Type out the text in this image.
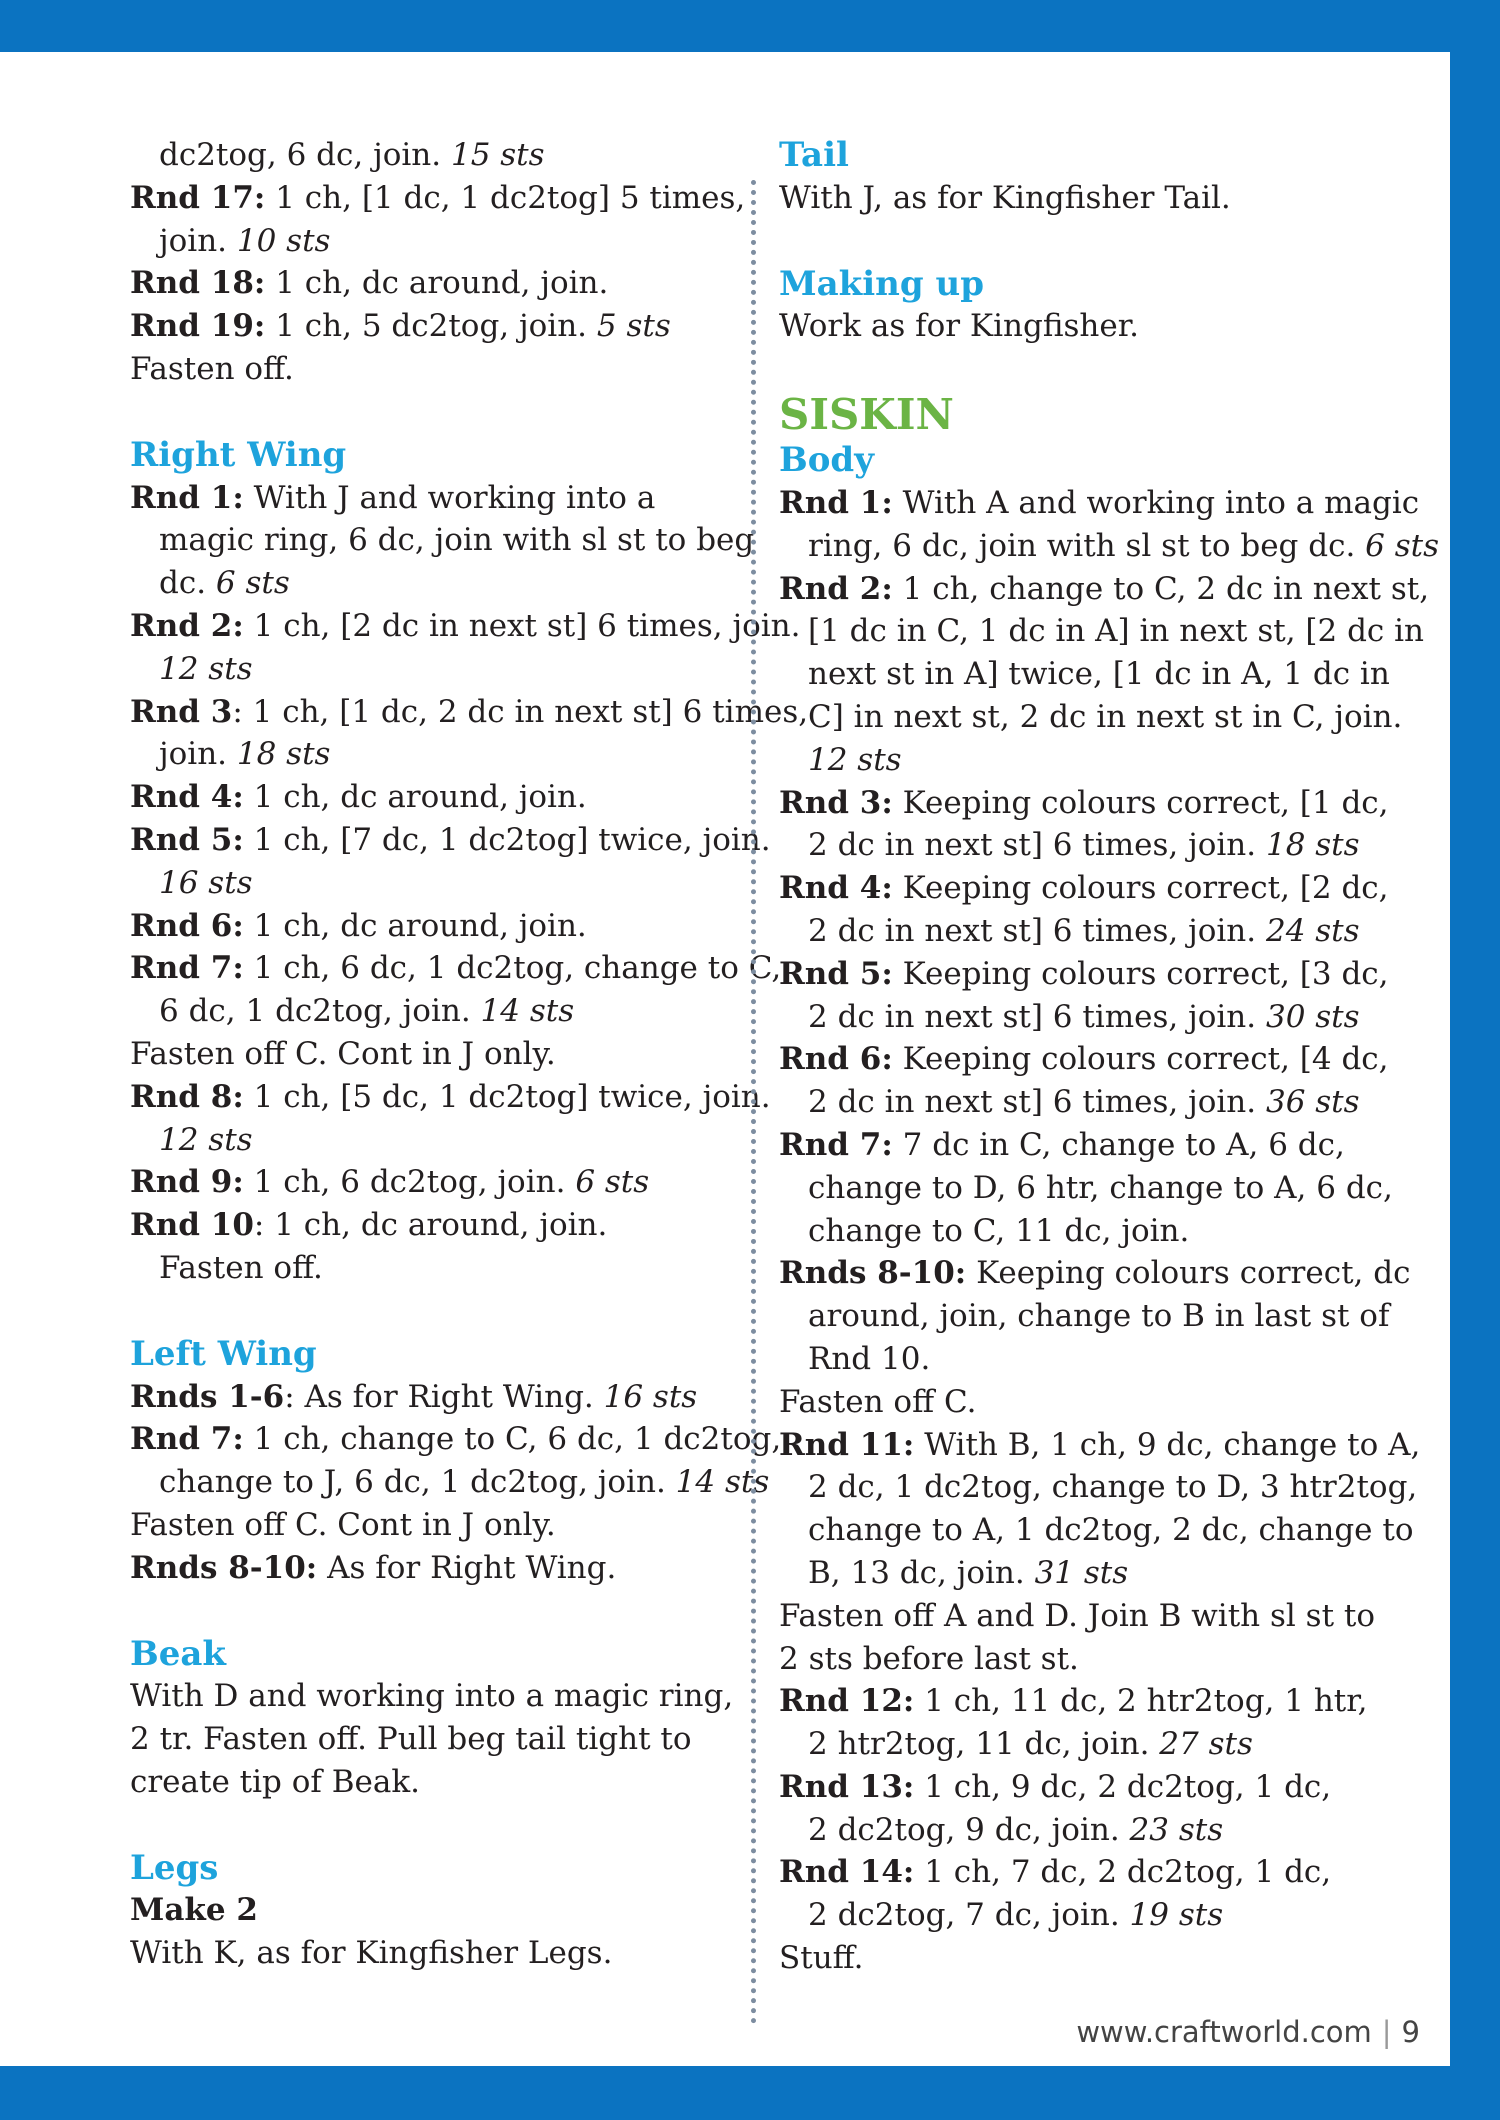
dc2tog, 6 dc, join. 15 sts
Rnd 17: 1 ch, [1 dc, 1 dc2tog] 5 times,
join. 10 sts
Rnd 18: 1 ch, dc around, join.
Rnd 19: 1 ch, 5 dc2tog, join. 5 sts
Fasten off.
Right Wing
Rnd 1: With J and working into a
magic ring, 6 dc, join with sl st to beg
dc. 6 sts
Rnd 2: 1 ch, [2 dc in next st] 6 times, join.
12 sts
Rnd 3: 1 ch, [1 dc, 2 dc in next st] 6 times,
join. 18 sts
Rnd 4: 1 ch, dc around, join.
Rnd 5: 1 ch, [7 dc, 1 dc2tog] twice, join.
16 sts
Rnd 6: 1 ch, dc around, join.
Rnd 7: 1 ch, 6 dc, 1 dc2tog, change to C,
6 dc, 1 dc2tog, join. 14 sts
Fasten off C. Cont in J only.
Rnd 8: 1 ch, [5 dc, 1 dc2tog] twice, join.
12 sts
Rnd 9: 1 ch, 6 dc2tog, join. 6 sts
Rnd 10: 1 ch, dc around, join.
Fasten off.
Left Wing
Rnds 1-6: As for Right Wing. 16 sts
Rnd 7: 1 ch, change to C, 6 dc, 1 dc2tog,
change to J, 6 dc, 1 dc2tog, join. 14 sts
Fasten off C. Cont in J only.
Rnds 8-10: As for Right Wing.
Beak
With D and working into a magic ring,
2 tr. Fasten off. Pull beg tail tight to
create tip of Beak.
Legs
Make 2
With K, as for Kingfisher Legs.
Tail
With J, as for Kingfisher Tail.
Making up
Work as for Kingfisher.
SISKIN
Body
Rnd 1: With A and working into a magic
ring, 6 dc, join with sl st to beg dc. 6 sts
Rnd 2: 1 ch, change to C, 2 dc in next st,
[1 dc in C, 1 dc in A] in next st, [2 dc in
next st in A] twice, [1 dc in A, 1 dc in
C] in next st, 2 dc in next st in C, join.
12 sts
Rnd 3: Keeping colours correct, [1 dc,
2 dc in next st] 6 times, join. 18 sts
Rnd 4: Keeping colours correct, [2 dc,
2 dc in next st] 6 times, join. 24 sts
Rnd 5: Keeping colours correct, [3 dc,
2 dc in next st] 6 times, join. 30 sts
Rnd 6: Keeping colours correct, [4 dc,
2 dc in next st] 6 times, join. 36 sts
Rnd 7: 7 dc in C, change to A, 6 dc,
change to D, 6 htr, change to A, 6 dc,
change to C, 11 dc, join.
Rnds 8-10: Keeping colours correct, dc
around, join, change to B in last st of
Rnd 10.
Fasten off C.
Rnd 11: With B, 1 ch, 9 dc, change to A,
2 dc, 1 dc2tog, change to D, 3 htr2tog,
change to A, 1 dc2tog, 2 dc, change to
B, 13 dc, join. 31 sts
Fasten off A and D. Join B with sl st to
2 sts before last st.
Rnd 12: 1 ch, 11 dc, 2 htr2tog, 1 htr,
2 htr2tog, 11 dc, join. 27 sts
Rnd 13: 1 ch, 9 dc, 2 dc2tog, 1 dc,
2 dc2tog, 9 dc, join. 23 sts
Rnd 14: 1 ch, 7 dc, 2 dc2tog, 1 dc,
2 dc2tog, 7 dc, join. 19 sts
Stuff.
www.craftworld.com | 9
